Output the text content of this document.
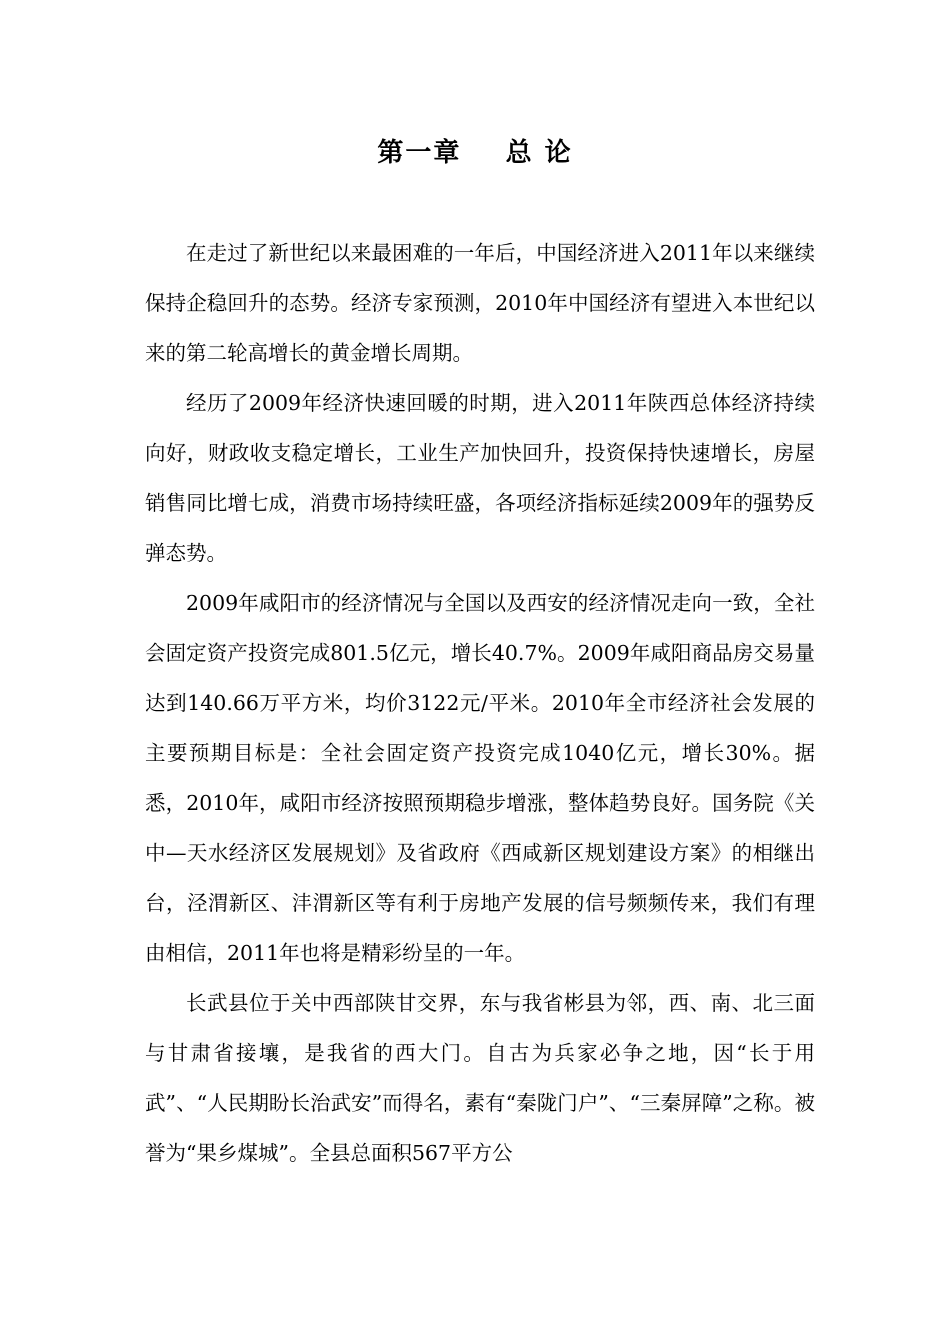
第一章    总 论

在走过了新世纪以来最困难的一年后，中国经济进入2011年以来继续保持企稳回升的态势。经济专家预测，2010年中国经济有望进入本世纪以来的第二轮高增长的黄金增长周期。

经历了2009年经济快速回暖的时期，进入2011年陕西总体经济持续向好，财政收支稳定增长，工业生产加快回升，投资保持快速增长，房屋销售同比增七成，消费市场持续旺盛，各项经济指标延续2009年的强势反弹态势。

2009年咸阳市的经济情况与全国以及西安的经济情况走向一致，全社会固定资产投资完成801.5亿元，增长40.7%。2009年咸阳商品房交易量达到140.66万平方米，均价3122元/平米。2010年全市经济社会发展的主要预期目标是：全社会固定资产投资完成1040亿元，增长30%。据悉，2010年，咸阳市经济按照预期稳步增涨，整体趋势良好。国务院《关中—天水经济区发展规划》及省政府《西咸新区规划建设方案》的相继出台，泾渭新区、沣渭新区等有利于房地产发展的信号频频传来，我们有理由相信，2011年也将是精彩纷呈的一年。

长武县位于关中西部陕甘交界，东与我省彬县为邻，西、南、北三面与甘肃省接壤，是我省的西大门。自古为兵家必争之地，因“长于用武”、“人民期盼长治武安”而得名，素有“秦陇门户”、“三秦屏障”之称。被誉为“果乡煤城”。全县总面积567平方公
